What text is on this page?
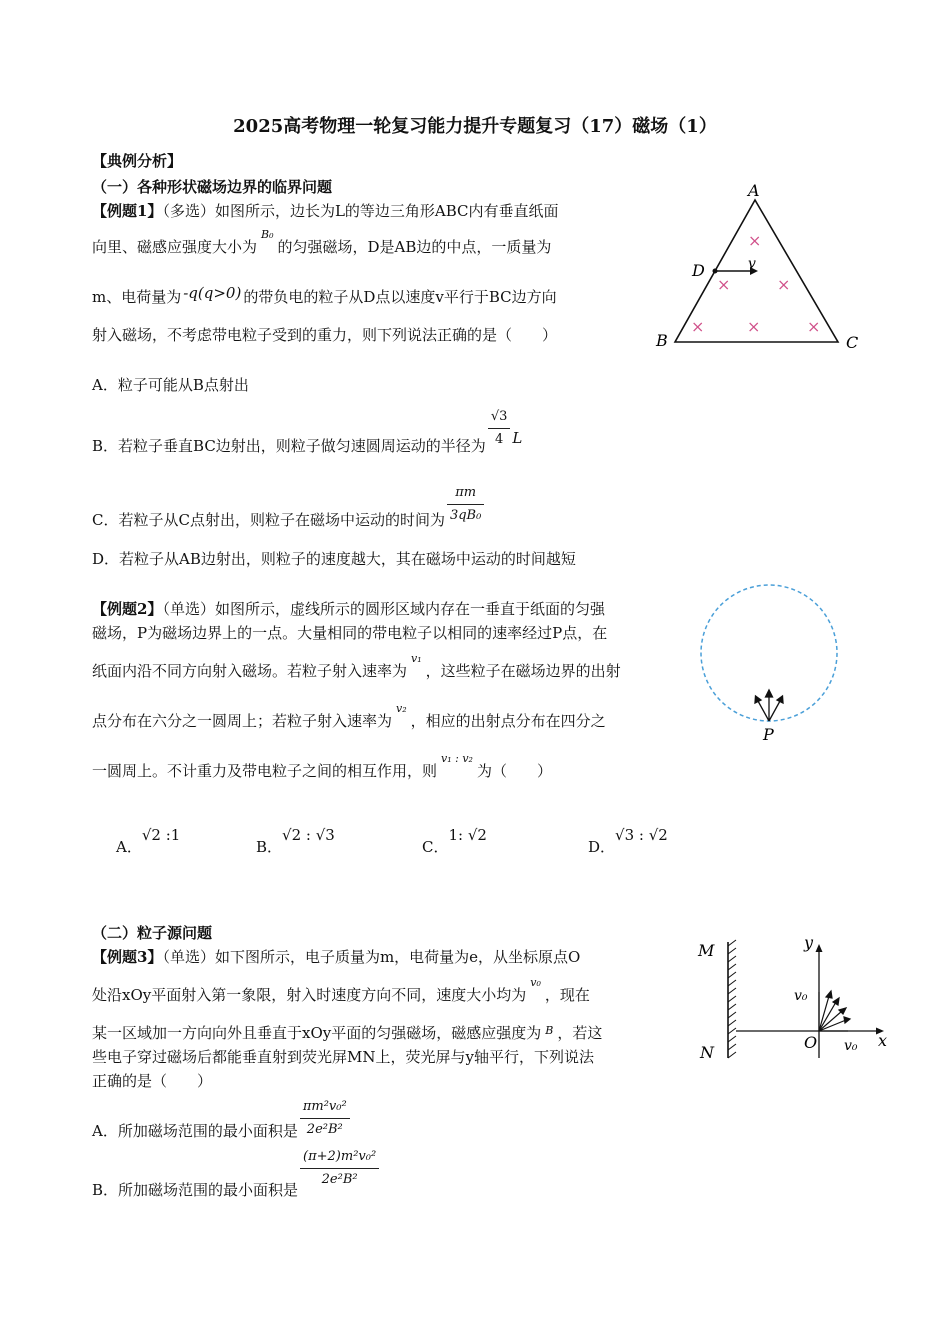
2025高考物理一轮复习能力提升专题复习（17）磁场（1）
【典例分析】
（一）各种形状磁场边界的临界问题
【例题1】（多选）如图所示，边长为L的等边三角形ABC内有垂直纸面
向里、磁感应强度大小为$^{B_0}$的匀强磁场，D是AB边的中点，一质量为
m、电荷量为 -q(q>0) 的带负电的粒子从D点以速度v平行于BC边方向
射入磁场，不考虑带电粒子受到的重力，则下列说法正确的是（　　）
A．粒子可能从B点射出
B．若粒子垂直BC边射出，则粒子做匀速圆周运动的半径为 $\frac{√3}{4}$ L
C．若粒子从C点射出，则粒子在磁场中运动的时间为 $\frac{\pi m}{\text{3qB₀}}$
D．若粒子从AB边射出，则粒子的速度越大，其在磁场中运动的时间越短
A
B	C
D	v
×
×	×
×	×	×
【例题2】（单选）如图所示，虚线所示的圆形区域内存在一垂直于纸面的匀强
磁场，P为磁场边界上的一点。大量相同的带电粒子以相同的速率经过P点，在
纸面内沿不同方向射入磁场。若粒子射入速率为$^{v_1}$，这些粒子在磁场边界的出射
点分布在六分之一圆周上；若粒子射入速率为$^{v_2}$，相应的出射点分布在四分之
一圆周上。不计重力及带电粒子之间的相互作用，则$^{v_1 : v_2}$为（　　）
A．√2 :1
B．√2 : √3
C．1: √2
D．√3 : √2
P
（二）粒子源问题
【例题3】（单选）如下图所示，电子质量为m，电荷量为e，从坐标原点O
处沿xOy平面射入第一象限，射入时速度方向不同，速度大小均为$^{v_0}$，现在
某一区域加一方向向外且垂直于xOy平面的匀强磁场，磁感应强度为 $^B$ ，若这
些电子穿过磁场后都能垂直射到荧光屏MN上，荧光屏与y轴平行，下列说法
正确的是（　　）
A．所加磁场范围的最小面积是 $\frac{\text{πm²v₀²}}{\text{2e²B²}}$
B．所加磁场范围的最小面积是 $\frac{\text{(π+2)m²v₀²}}{\text{2e²B²}}$
M
N
y
x
O
v₀
v₀
